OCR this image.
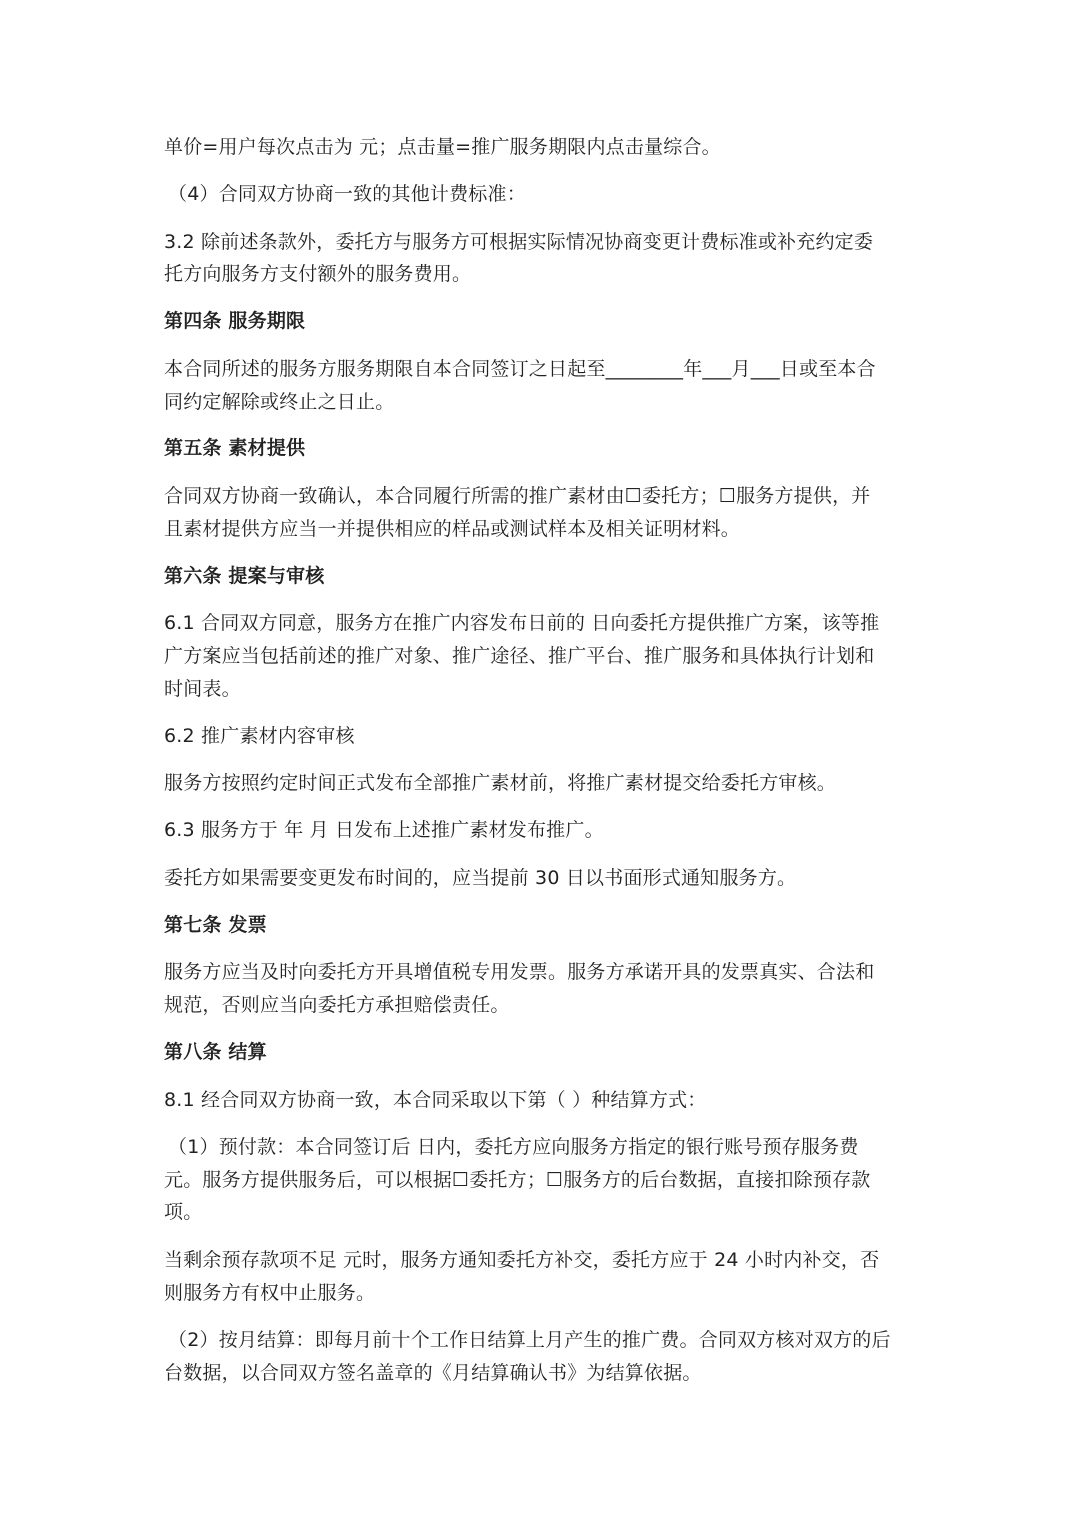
单价=用户每次点击为 元；点击量=推广服务期限内点击量综合。
（4）合同双方协商一致的其他计费标准：
3.2 除前述条款外，委托方与服务方可根据实际情况协商变更计费标准或补充约定委
托方向服务方支付额外的服务费用。
第四条 服务期限
本合同所述的服务方服务期限自本合同签订之日起至________年___月___日或至本合
同约定解除或终止之日止。
第五条 素材提供
合同双方协商一致确认，本合同履行所需的推广素材由☐委托方；☐服务方提供，并
且素材提供方应当一并提供相应的样品或测试样本及相关证明材料。
第六条 提案与审核
6.1 合同双方同意，服务方在推广内容发布日前的 日向委托方提供推广方案，该等推
广方案应当包括前述的推广对象、推广途径、推广平台、推广服务和具体执行计划和
时间表。
6.2 推广素材内容审核
服务方按照约定时间正式发布全部推广素材前，将推广素材提交给委托方审核。
6.3 服务方于 年 月 日发布上述推广素材发布推广。
委托方如果需要变更发布时间的，应当提前 30 日以书面形式通知服务方。
第七条 发票
服务方应当及时向委托方开具增值税专用发票。服务方承诺开具的发票真实、合法和
规范，否则应当向委托方承担赔偿责任。
第八条 结算
8.1 经合同双方协商一致，本合同采取以下第（ ）种结算方式：
（1）预付款：本合同签订后 日内，委托方应向服务方指定的银行账号预存服务费
元。服务方提供服务后，可以根据☐委托方；☐服务方的后台数据，直接扣除预存款
项。
当剩余预存款项不足 元时，服务方通知委托方补交，委托方应于 24 小时内补交，否
则服务方有权中止服务。
（2）按月结算：即每月前十个工作日结算上月产生的推广费。合同双方核对双方的后
台数据，以合同双方签名盖章的《月结算确认书》为结算依据。
